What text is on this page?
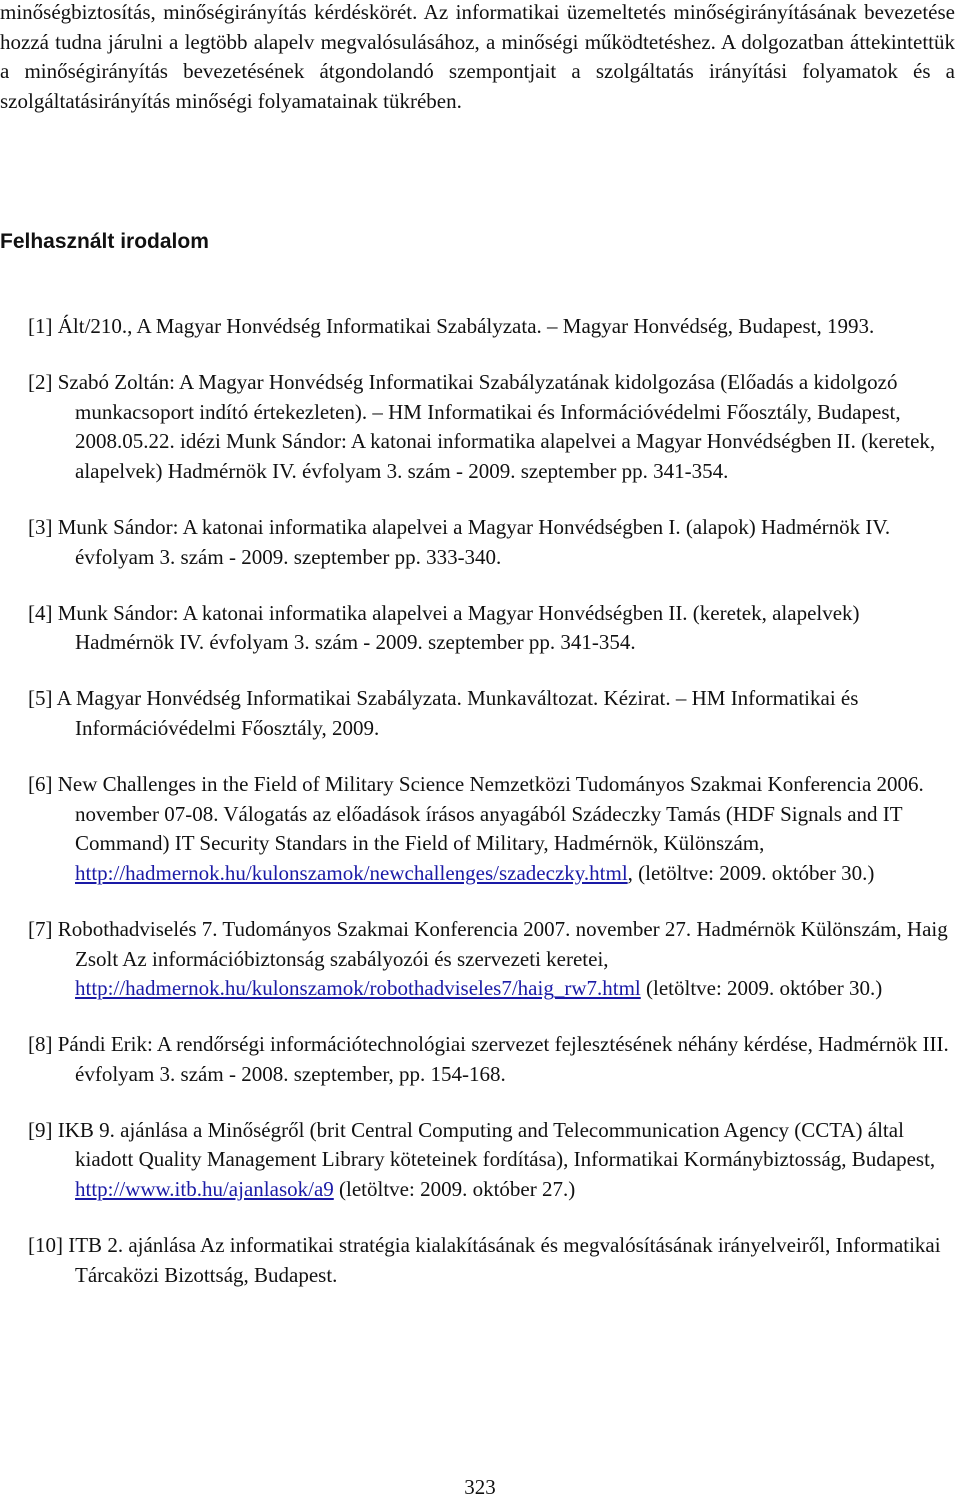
minőségbiztosítás, minőségirányítás kérdéskörét. Az informatikai üzemeltetés minőségirányításának bevezetése hozzá tudna járulni a legtöbb alapelv megvalósulásához, a minőségi működtetéshez. A dolgozatban áttekintettük a minőségirányítás bevezetésének átgondolandó szempontjait a szolgáltatás irányítási folyamatok és a szolgáltatásirányítás minőségi folyamatainak tükrében.

Felhasznált irodalom
[1] Ált/210., A Magyar Honvédség Informatikai Szabályzata. – Magyar Honvédség, Budapest, 1993.
[2] Szabó Zoltán: A Magyar Honvédség Informatikai Szabályzatának kidolgozása (Előadás a kidolgozó munkacsoport indító értekezleten). – HM Informatikai és Információvédelmi Főosztály, Budapest, 2008.05.22. idézi Munk Sándor: A katonai informatika alapelvei a Magyar Honvédségben II. (keretek, alapelvek) Hadmérnök IV. évfolyam 3. szám - 2009. szeptember pp. 341-354.
[3] Munk Sándor: A katonai informatika alapelvei a Magyar Honvédségben I. (alapok) Hadmérnök IV. évfolyam 3. szám - 2009. szeptember pp. 333-340.
[4] Munk Sándor: A katonai informatika alapelvei a Magyar Honvédségben II. (keretek, alapelvek) Hadmérnök IV. évfolyam 3. szám - 2009. szeptember pp. 341-354.
[5] A Magyar Honvédség Informatikai Szabályzata. Munkaváltozat. Kézirat. – HM Informatikai és Információvédelmi Főosztály, 2009.
[6] New Challenges in the Field of Military Science Nemzetközi Tudományos Szakmai Konferencia 2006. november 07-08. Válogatás az előadások írásos anyagából Szádeczky Tamás (HDF Signals and IT Command) IT Security Standars in the Field of Military, Hadmérnök, Különszám, http://hadmernok.hu/kulonszamok/newchallenges/szadeczky.html, (letöltve: 2009. október 30.)
[7] Robothadviselés 7. Tudományos Szakmai Konferencia 2007. november 27. Hadmérnök Különszám, Haig Zsolt Az információbiztonság szabályozói és szervezeti keretei, http://hadmernok.hu/kulonszamok/robothadviseles7/haig_rw7.html (letöltve: 2009. október 30.)
[8] Pándi Erik: A rendőrségi információtechnológiai szervezet fejlesztésének néhány kérdése, Hadmérnök III. évfolyam 3. szám - 2008. szeptember, pp. 154-168.
[9] IKB 9. ajánlása a Minőségről (brit Central Computing and Telecommunication Agency (CCTA) által kiadott Quality Management Library köteteinek fordítása), Informatikai Kormánybiztosság, Budapest, http://www.itb.hu/ajanlasok/a9 (letöltve: 2009. október 27.)
[10] ITB 2. ajánlása Az informatikai stratégia kialakításának és megvalósításának irányelveiről, Informatikai Tárcaközi Bizottság, Budapest.

323
